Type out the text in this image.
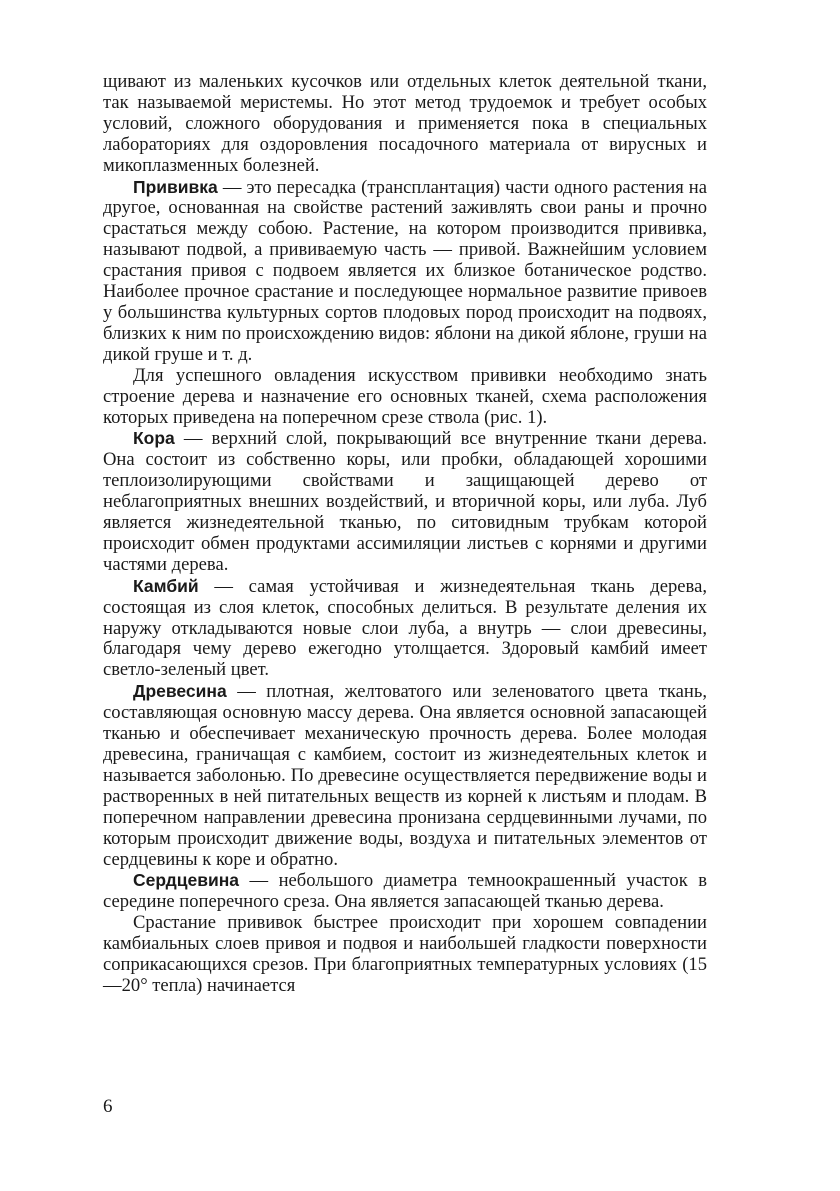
щивают из маленьких кусочков или отдельных клеток деятельной ткани, так называемой меристемы. Но этот метод трудоемок и требует особых условий, сложного оборудования и применяется пока в специальных лабораториях для оздоровления посадочного материала от вирусных и микоплазменных болезней.

Прививка — это пересадка (трансплантация) части одного растения на другое, основанная на свойстве растений заживлять свои раны и прочно срастаться между собою. Растение, на котором производится прививка, называют подвой, а прививаемую часть — привой. Важнейшим условием срастания привоя с подвоем является их близкое ботаническое родство. Наиболее прочное срастание и последующее нормальное развитие привоев у большинства культурных сортов плодовых пород происходит на подвоях, близких к ним по происхождению видов: яблони на дикой яблоне, груши на дикой груше и т. д.

Для успешного овладения искусством прививки необходимо знать строение дерева и назначение его основных тканей, схема расположения которых приведена на поперечном срезе ствола (рис. 1).

Кора — верхний слой, покрывающий все внутренние ткани дерева. Она состоит из собственно коры, или пробки, обладающей хорошими теплоизолирующими свойствами и защищающей дерево от неблагоприятных внешних воздействий, и вторичной коры, или луба. Луб является жизнедеятельной тканью, по ситовидным трубкам которой происходит обмен продуктами ассимиляции листьев с корнями и другими частями дерева.

Камбий — самая устойчивая и жизнедеятельная ткань дерева, состоящая из слоя клеток, способных делиться. В результате деления их наружу откладываются новые слои луба, а внутрь — слои древесины, благодаря чему дерево ежегодно утолщается. Здоровый камбий имеет светло-зеленый цвет.

Древесина — плотная, желтоватого или зеленоватого цвета ткань, составляющая основную массу дерева. Она является основной запасающей тканью и обеспечивает механическую прочность дерева. Более молодая древесина, граничащая с камбием, состоит из жизнедеятельных клеток и называется заболонью. По древесине осуществляется передвижение воды и растворенных в ней питательных веществ из корней к листьям и плодам. В поперечном направлении древесина пронизана сердцевинными лучами, по которым происходит движение воды, воздуха и питательных элементов от сердцевины к коре и обратно.

Сердцевина — небольшого диаметра темноокрашенный участок в середине поперечного среза. Она является запасающей тканью дерева.

Срастание прививок быстрее происходит при хорошем совпадении камбиальных слоев привоя и подвоя и наибольшей гладкости поверхности соприкасающихся срезов. При благоприятных температурных условиях (15—20° тепла) начинается

6
